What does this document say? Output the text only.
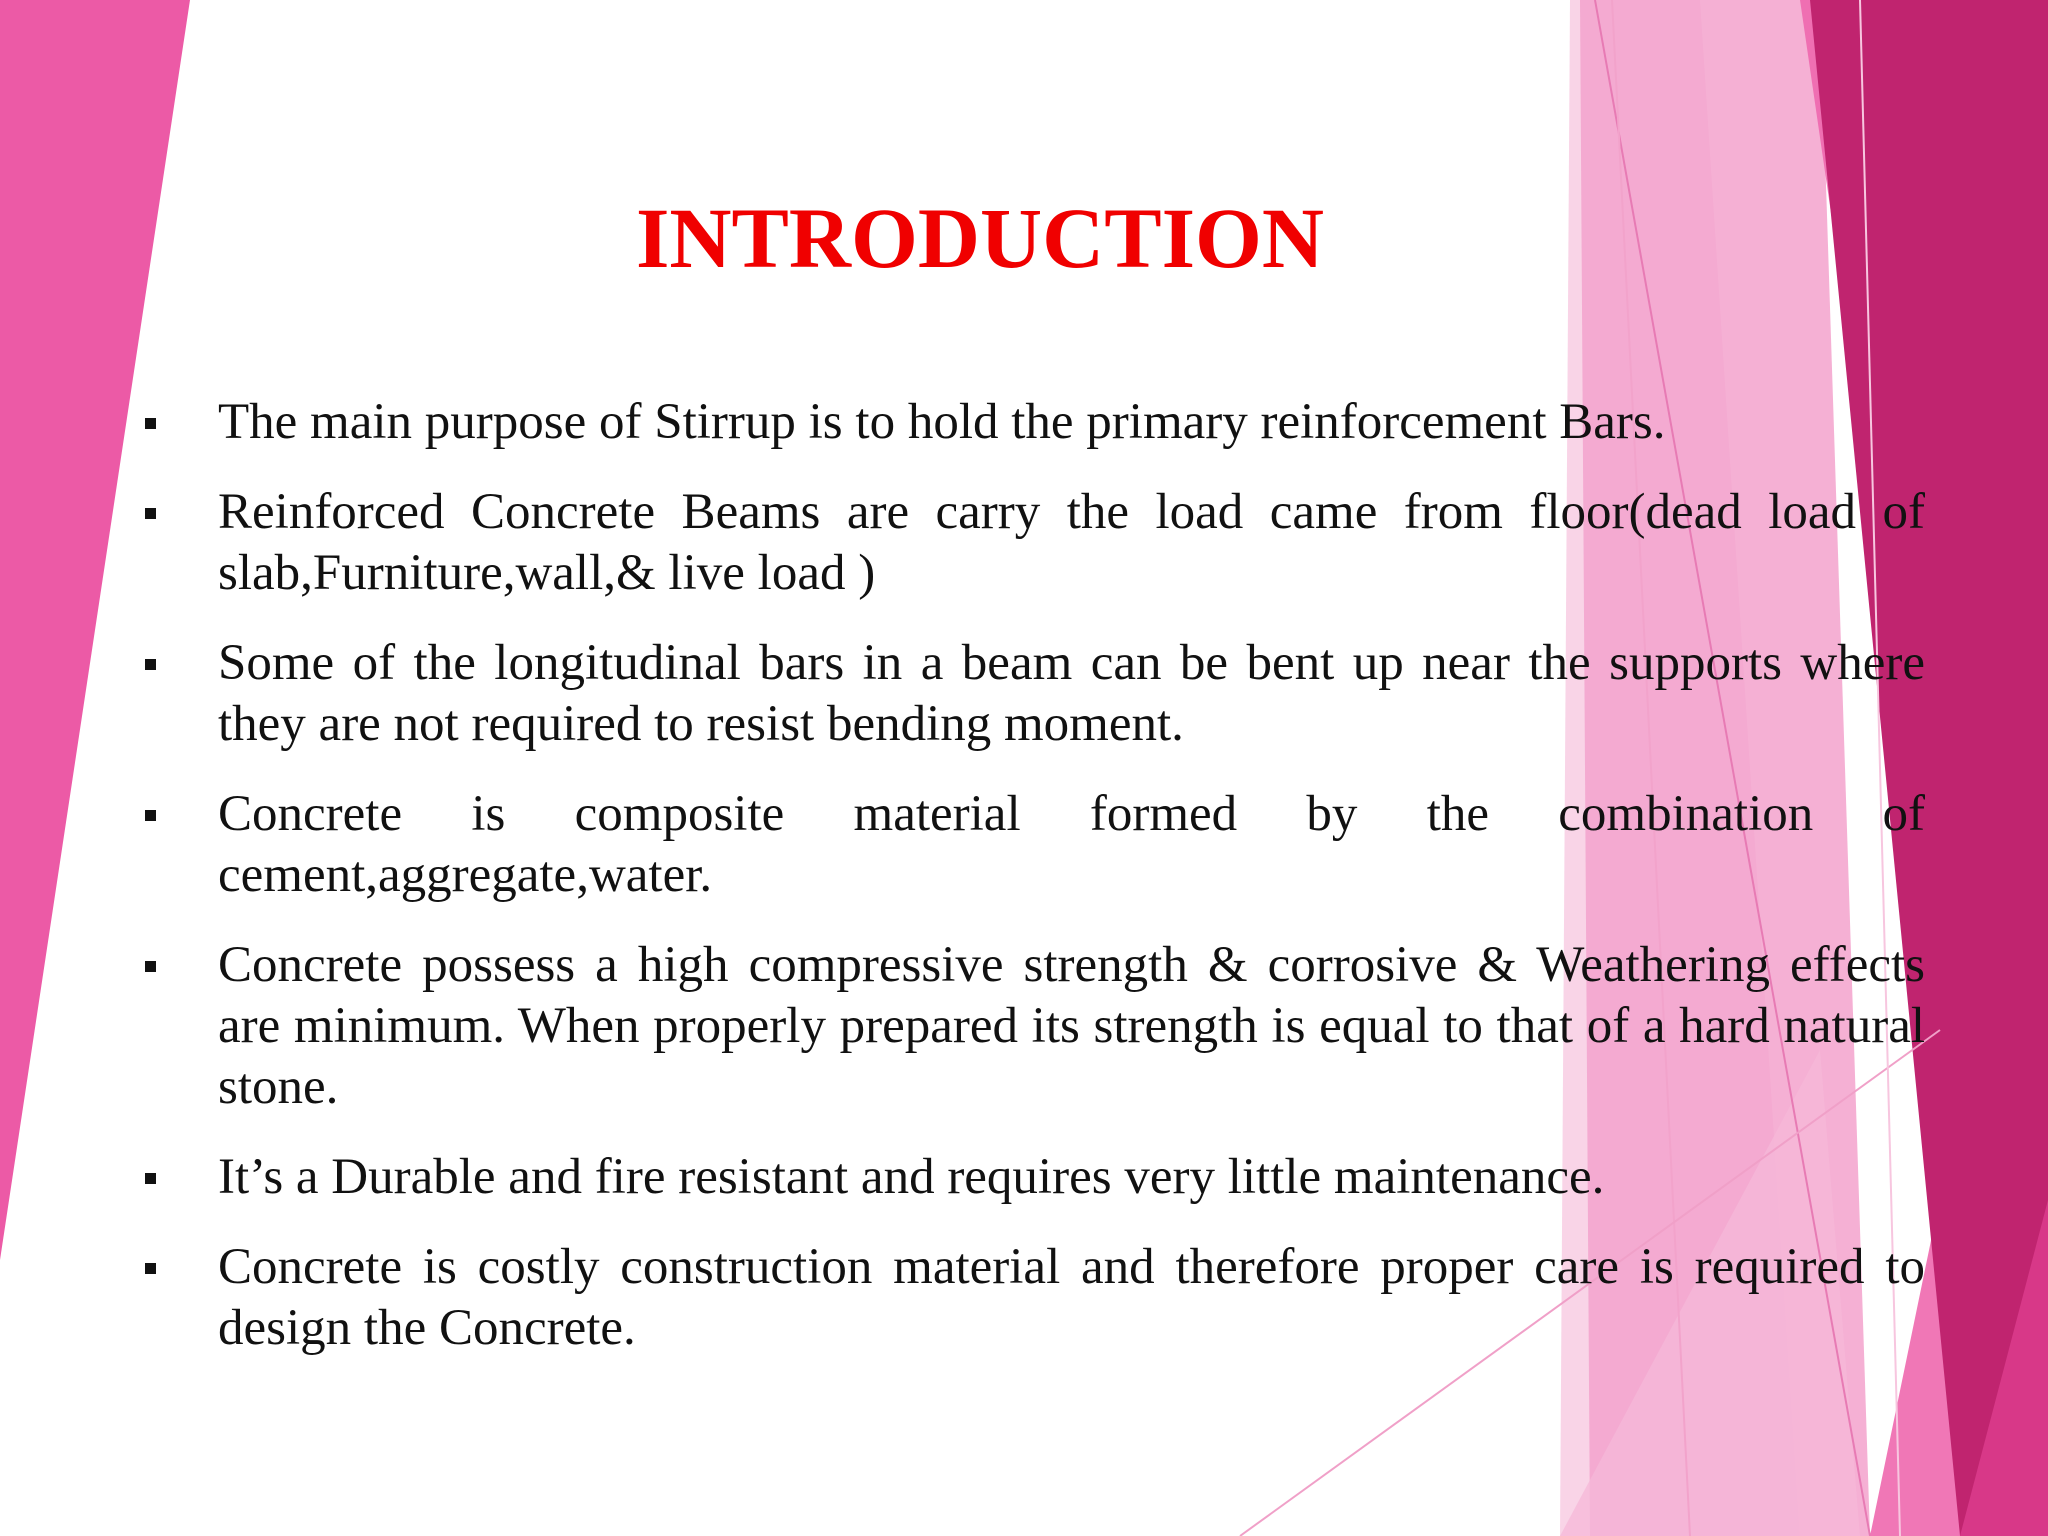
INTRODUCTION
The main purpose of Stirrup is to hold the primary reinforcement Bars.
Reinforced Concrete Beams are carry the load came from floor(dead load of slab,Furniture,wall,& live load )
Some of the longitudinal bars in a beam can be bent up near the supports where they are not required to resist bending moment.
Concrete is composite material formed by the combination of cement,aggregate,water.
Concrete possess a high compressive strength & corrosive & Weathering effects are minimum. When properly prepared its strength is equal to that of a hard natural stone.
It’s a Durable and fire resistant and requires very little maintenance.
Concrete is costly construction material and therefore proper care is required to design the Concrete.
